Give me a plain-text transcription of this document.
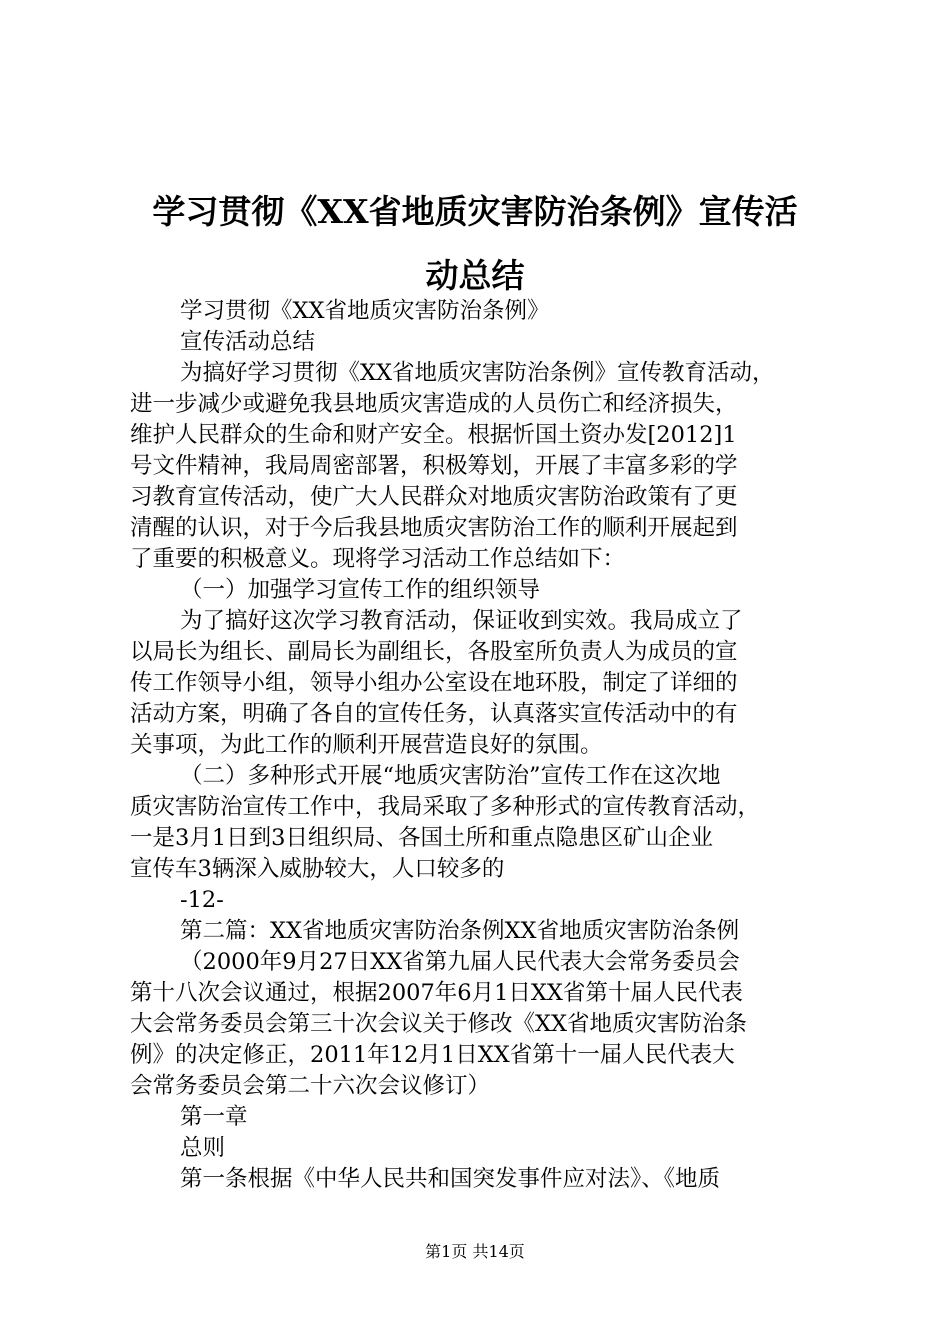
学习贯彻《XX省地质灾害防治条例》宣传活
动总结

学习贯彻《XX省地质灾害防治条例》

宣传活动总结

为搞好学习贯彻《XX省地质灾害防治条例》宣传教育活动，

进一步减少或避免我县地质灾害造成的人员伤亡和经济损失，

维护人民群众的生命和财产安全。根据忻国土资办发[2012]1

号文件精神，我局周密部署，积极筹划，开展了丰富多彩的学

习教育宣传活动，使广大人民群众对地质灾害防治政策有了更

清醒的认识，对于今后我县地质灾害防治工作的顺利开展起到

了重要的积极意义。现将学习活动工作总结如下：

（一）加强学习宣传工作的组织领导

为了搞好这次学习教育活动，保证收到实效。我局成立了

以局长为组长、副局长为副组长，各股室所负责人为成员的宣

传工作领导小组，领导小组办公室设在地环股，制定了详细的

活动方案，明确了各自的宣传任务，认真落实宣传活动中的有

关事项，为此工作的顺利开展营造良好的氛围。

（二）多种形式开展“地质灾害防治”宣传工作在这次地

质灾害防治宣传工作中，我局采取了多种形式的宣传教育活动，

一是3月1日到3日组织局、各国土所和重点隐患区矿山企业

宣传车3辆深入威胁较大，人口较多的

-12-

第二篇：XX省地质灾害防治条例XX省地质灾害防治条例

（2000年9月27日XX省第九届人民代表大会常务委员会

第十八次会议通过，根据2007年6月1日XX省第十届人民代表

大会常务委员会第三十次会议关于修改《XX省地质灾害防治条

例》的决定修正，2011年12月1日XX省第十一届人民代表大

会常务委员会第二十六次会议修订）

第一章

总则

第一条根据《中华人民共和国突发事件应对法》、《地质

第1页 共14页
